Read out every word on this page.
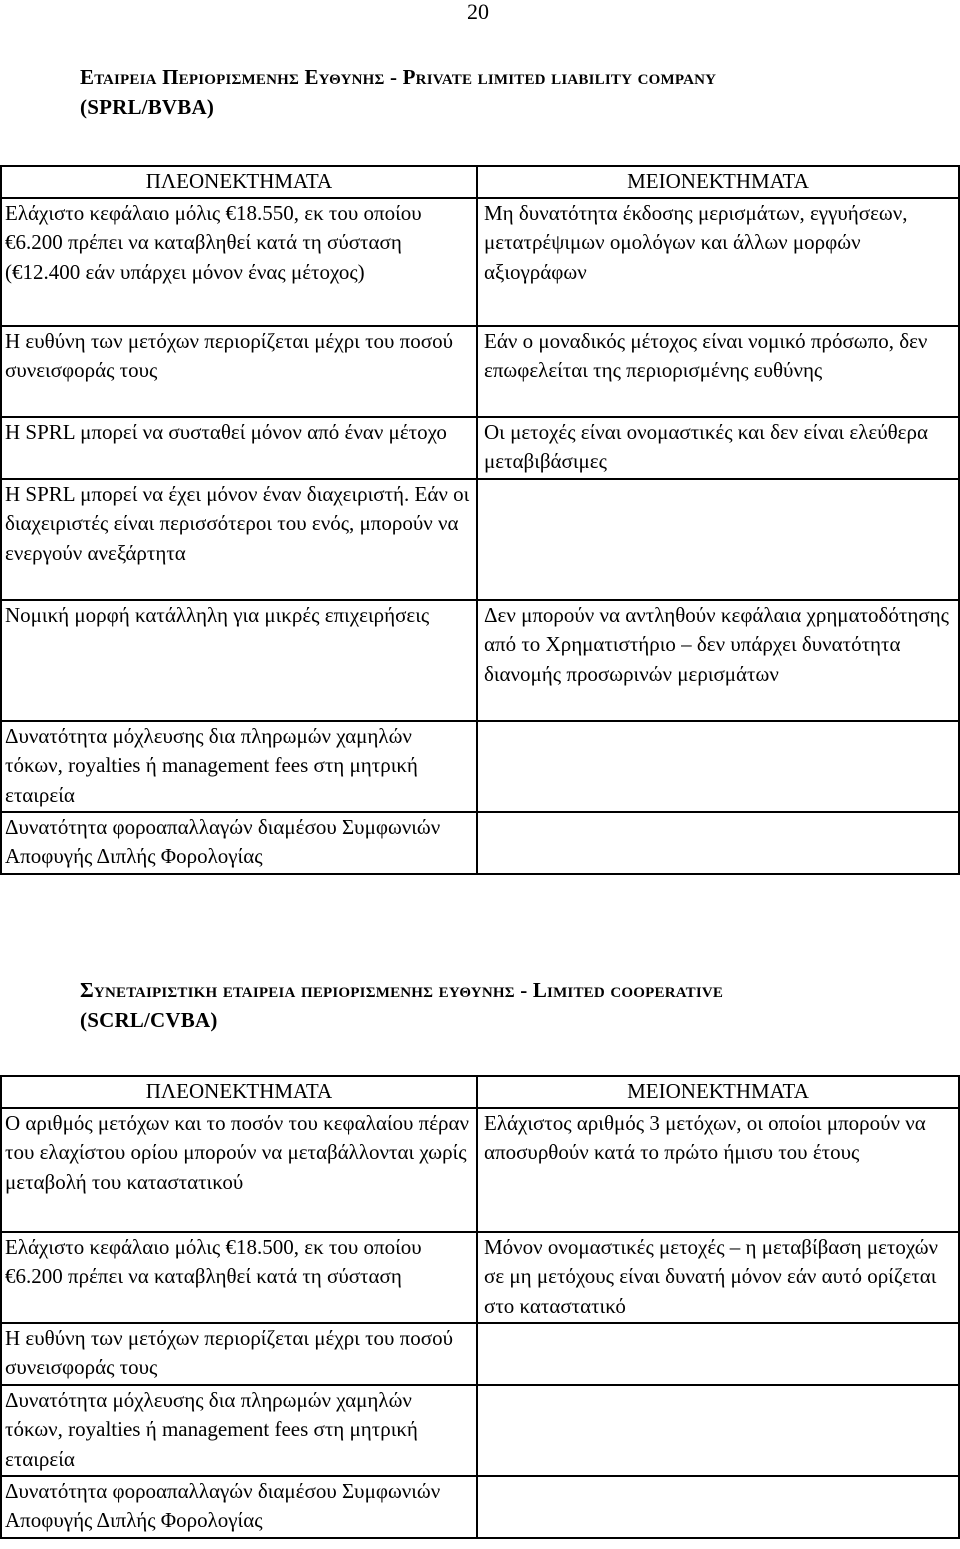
20
Εταιρεια Περιορισμενης Ευθυνης - Private limited liability company
(SPRL/BVBA)
ΠΛΕΟΝΕΚΤΗΜΑΤΑ	ΜΕΙΟΝΕΚΤΗΜΑΤΑ
Ελάχιστο κεφάλαιο μόλις €18.550, εκ του οποίου €6.200 πρέπει να καταβληθεί κατά τη σύσταση (€12.400 εάν υπάρχει μόνον ένας μέτοχος)	Μη δυνατότητα έκδοσης μερισμάτων, εγγυήσεων, μετατρέψιμων ομολόγων και άλλων μορφών αξιογράφων
Η ευθύνη των μετόχων περιορίζεται μέχρι του ποσού συνεισφοράς τους	Εάν ο μοναδικός μέτοχος είναι νομικό πρόσωπο, δεν επωφελείται της περιορισμένης ευθύνης
Η SPRL μπορεί να συσταθεί μόνον από έναν μέτοχο	Οι μετοχές είναι ονομαστικές και δεν είναι ελεύθερα μεταβιβάσιμες
Η SPRL μπορεί να έχει μόνον έναν διαχειριστή. Εάν οι διαχειριστές είναι περισσότεροι του ενός, μπορούν να ενεργούν ανεξάρτητα	
Νομική μορφή κατάλληλη για μικρές επιχειρήσεις	Δεν μπορούν να αντληθούν κεφάλαια χρηματοδότησης από το Χρηματιστήριο – δεν υπάρχει δυνατότητα διανομής προσωρινών μερισμάτων
Δυνατότητα μόχλευσης δια πληρωμών χαμηλών τόκων, royalties ή management fees στη μητρική εταιρεία	
Δυνατότητα φοροαπαλλαγών διαμέσου Συμφωνιών Αποφυγής Διπλής Φορολογίας	
Συνεταιριστικη εταιρεια περιορισμενης ευθυνης - Limited cooperative
(SCRL/CVBA)
ΠΛΕΟΝΕΚΤΗΜΑΤΑ	ΜΕΙΟΝΕΚΤΗΜΑΤΑ
Ο αριθμός μετόχων και το ποσόν του κεφαλαίου πέραν του ελαχίστου ορίου μπορούν να μεταβάλλονται χωρίς μεταβολή του καταστατικού	Ελάχιστος αριθμός 3 μετόχων, οι οποίοι μπορούν να αποσυρθούν κατά το πρώτο ήμισυ του έτους
Ελάχιστο κεφάλαιο μόλις €18.500, εκ του οποίου €6.200 πρέπει να καταβληθεί κατά τη σύσταση	Μόνον ονομαστικές μετοχές – η μεταβίβαση μετοχών σε μη μετόχους είναι δυνατή μόνον εάν αυτό ορίζεται στο καταστατικό
Η ευθύνη των μετόχων περιορίζεται μέχρι του ποσού συνεισφοράς τους	
Δυνατότητα μόχλευσης δια πληρωμών χαμηλών τόκων, royalties ή management fees στη μητρική εταιρεία	
Δυνατότητα φοροαπαλλαγών διαμέσου Συμφωνιών Αποφυγής Διπλής Φορολογίας	
